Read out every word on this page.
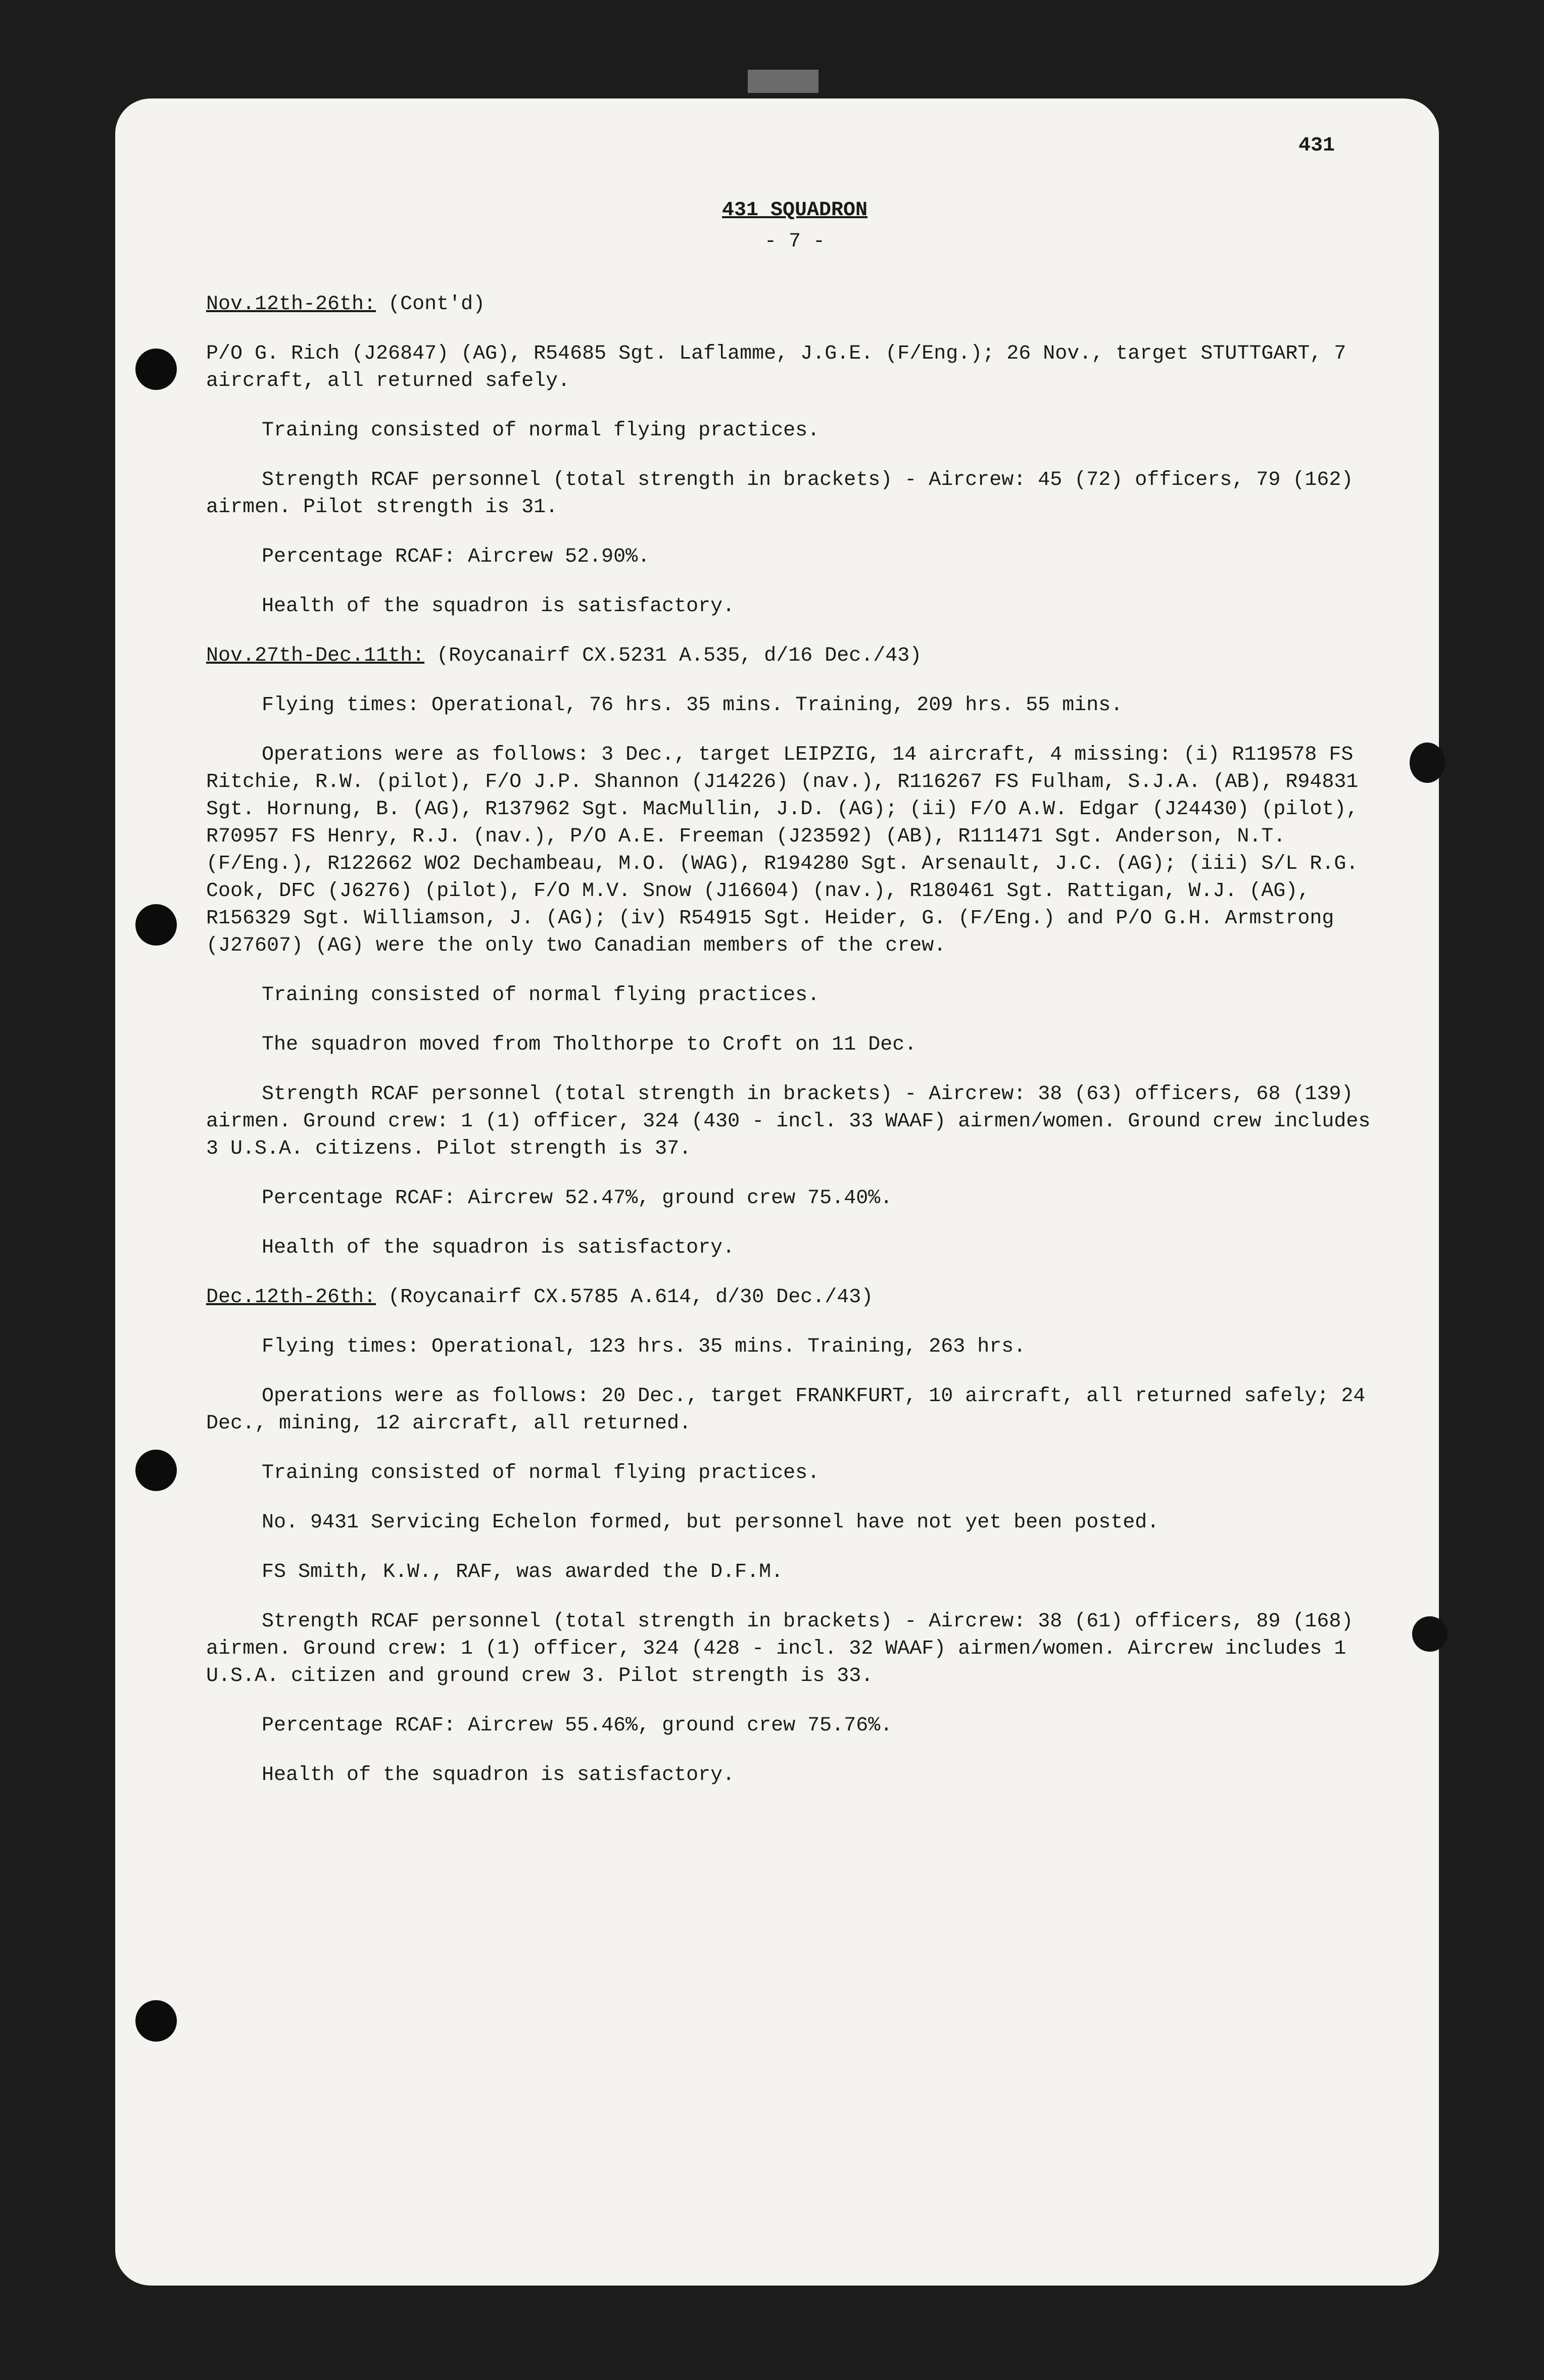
431
431 SQUADRON
- 7 -
Nov.12th-26th: (Cont'd)

P/O G. Rich (J26847) (AG), R54685 Sgt. Laflamme, J.G.E. (F/Eng.); 26 Nov., target STUTTGART, 7 aircraft, all returned safely.

Training consisted of normal flying practices.

Strength RCAF personnel (total strength in brackets) - Aircrew: 45 (72) officers, 79 (162) airmen. Pilot strength is 31.

Percentage RCAF: Aircrew 52.90%.

Health of the squadron is satisfactory.

Nov.27th-Dec.11th: (Roycanairf CX.5231 A.535, d/16 Dec./43)

Flying times: Operational, 76 hrs. 35 mins. Training, 209 hrs. 55 mins.

Operations were as follows: 3 Dec., target LEIPZIG, 14 aircraft, 4 missing: (i) R119578 FS Ritchie, R.W. (pilot), F/O J.P. Shannon (J14226) (nav.), R116267 FS Fulham, S.J.A. (AB), R94831 Sgt. Hornung, B. (AG), R137962 Sgt. MacMullin, J.D. (AG); (ii) F/O A.W. Edgar (J24430) (pilot), R70957 FS Henry, R.J. (nav.), P/O A.E. Freeman (J23592) (AB), R111471 Sgt. Anderson, N.T.(F/Eng.), R122662 WO2 Dechambeau, M.O. (WAG), R194280 Sgt. Arsenault, J.C. (AG); (iii) S/L R.G. Cook, DFC (J6276) (pilot), F/O M.V. Snow (J16604) (nav.), R180461 Sgt. Rattigan, W.J. (AG), R156329 Sgt. Williamson, J. (AG); (iv) R54915 Sgt. Heider, G. (F/Eng.) and P/O G.H. Armstrong (J27607) (AG) were the only two Canadian members of the crew.

Training consisted of normal flying practices.

The squadron moved from Tholthorpe to Croft on 11 Dec.

Strength RCAF personnel (total strength in brackets) - Aircrew: 38 (63) officers, 68 (139) airmen. Ground crew: 1 (1) officer, 324 (430 - incl. 33 WAAF) airmen/women. Ground crew includes 3 U.S.A. citizens. Pilot strength is 37.

Percentage RCAF: Aircrew 52.47%, ground crew 75.40%.

Health of the squadron is satisfactory.

Dec.12th-26th: (Roycanairf CX.5785 A.614, d/30 Dec./43)

Flying times: Operational, 123 hrs. 35 mins. Training, 263 hrs.

Operations were as follows: 20 Dec., target FRANKFURT, 10 aircraft, all returned safely; 24 Dec., mining, 12 aircraft, all returned.

Training consisted of normal flying practices.

No. 9431 Servicing Echelon formed, but personnel have not yet been posted.

FS Smith, K.W., RAF, was awarded the D.F.M.

Strength RCAF personnel (total strength in brackets) - Aircrew: 38 (61) officers, 89 (168) airmen. Ground crew: 1 (1) officer, 324 (428 - incl. 32 WAAF) airmen/women. Aircrew includes 1 U.S.A. citizen and ground crew 3. Pilot strength is 33.

Percentage RCAF: Aircrew 55.46%, ground crew 75.76%.

Health of the squadron is satisfactory.
